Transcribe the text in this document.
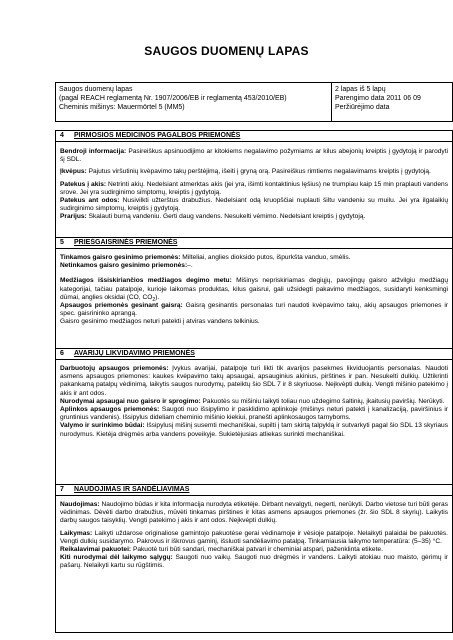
SAUGOS DUOMENŲ LAPAS
Saugos duomenų lapas
(pagal REACH reglamentą Nr. 1907/2006/EB ir reglamentą 453/2010/EB)
Cheminis mišinys: Mauermörtel 5 (MM5)
2 lapas iš 5 lapų
Parengimo data 2011 06 09
Peržiūrėjimo data
4 PIRMOSIOS MEDICINOS PAGALBOS PRIEMONĖS

Bendroji informacija: Pasireiškus apsinuodijimo ar kitokiems negalavimo požymiams ar kilus abejonių kreiptis į gydytoją ir parodyti šį SDL.

Įkvėpus: Pajutus viršutinių kvėpavimo takų perštėjimą, išeiti į gryną orą. Pasireiškus rimtiems negalavimams kreiptis į gydytoją.

Patekus į akis: Netrinti akių. Nedelsiant atmerktas akis (jei yra, išimti kontaktinius lęšius) ne trumpiau kaip 15 min praplauti vandens srove. Jei yra sudirginimo simptomų, kreiptis į gydytoją.

Patekus ant odos: Nusivilkti užterštus drabužius. Nedelsiant odą kruopščiai nuplauti šiltu vandeniu su muilu. Jei yra ilgalaikių sudirginimo simptomų, kreiptis į gydytoją.

Prarijus: Skalauti burną vandeniu. Gerti daug vandens. Nesukelti vėmimo. Nedelsiant kreiptis į gydytoją.

5 PRIEŠGAISRINĖS PRIEMONĖS

Tinkamos gaisro gesinimo priemonės: Milteliai, anglies dioksido putos, išpurkšta vanduo, smėlis.

Netinkamos gaisro gesinimo priemonės:–.

Medžiagos išsiskiriančios medžiagos degimo metu: Mišinys nepriskiriamas degiųjų, pavojingų gaisro atžvilgiu medžiagų kategorijai, tačiau patalpoje, kurioje laikomas produktas, kilus gaisrui, gali užsidegti pakavimo medžiagos, susidaryti kenksmingi dūmai, anglies oksidai (CO, $CO_2$).

Apsaugos priemonės gesinant gaisrą: Gaisrą gesinantis personalas turi naudoti kvėpavimo takų, akių apsaugos priemones ir spec. gaisrininko aprangą.

Gaisro gesinimo medžiagos neturi patekti į atviras vandens telkinius.

6 AVARIJŲ LIKVIDAVIMO PRIEMONĖS

Darbuotojų apsaugos priemonės: Įvykus avarijai, patalpoje turi likti tik avarijos pasekmes likviduojantis personalas. Naudoti asmens apsaugos priemones: kaukes kvėpavimo takų apsaugai, apsauginius akinius, pirštines ir pan. Nesukelti dulkių. Užtikrinti pakankamą patalpų vėdinimą, laikytis saugos nurodymų, pateiktų šio SDL 7 ir 8 skyriuose. Neįkvėpti dulkių. Vengti mišinio patekimo į akis ir ant odos.

Nurodymai apsaugai nuo gaisro ir sprogimo: Pakuotės su mišiniu laikyti toliau nuo uždegimo šaltinių, įkaitusių paviršių. Nerūkyti.

Aplinkos apsaugos priemonės: Saugoti nuo išsipylimo ir pasklidimo aplinkoje (mišinys neturi patekti į kanalizaciją, paviršinius ir gruntinius vandenis). Išsipylus dideliam cheminio mišinio kiekiui, pranešti aplinkosaugos tarnyboms.

Valymo ir surinkimo būdai: Išsipylusį mišinį susemti mechaniškai, supilti į tam skirtą talpyklą ir sutvarkyti pagal šio SDL 13 skyriaus nurodymus. Kietėja drėgmės arba vandens poveikyje. Sukietėjusias atliekas surinkti mechaniškai.

7 NAUDOJIMAS IR SANDĖLIAVIMAS

Naudojimas: Naudojimo būdas ir kita informacija nurodyta etiketėje. Dirbant nevalgyti, negerti, nerūkyti. Darbo vietose turi būti geras vėdinimas. Dėvėti darbo drabužius, mūvėti tinkamas pirštines ir kitas asmens apsaugos priemones (žr. šio SDL 8 skyrių). Laikytis darbų saugos taisyklių. Vengti patekimo į akis ir ant odos. Neįkvėpti dulkių.

Laikymas: Laikyti uždarose originaliose gamintojo pakuotėse gerai vėdinamoje ir vėsioje patalpoje. Nelaikyti palaidai be pakuotės. Vengti dulkių susidarymo. Pakrovus ir iškrovus gaminį, išsluoti sandėliavimo patalpą. Tinkamiausia laikymo temperatūra: (5–35) °C.

Reikalavimai pakuotei: Pakuotė turi būti sandari, mechaniškai patvari ir cheminiai atspari, paženklinta etikete.

Kiti nurodymai dėl laikymo sąlygų: Saugoti nuo vaikų. Saugoti nuo drėgmės ir vandens. Laikyti atokiau nuo maisto, gėrimų ir pašarų. Nelaikyti kartu su rūgštimis.
